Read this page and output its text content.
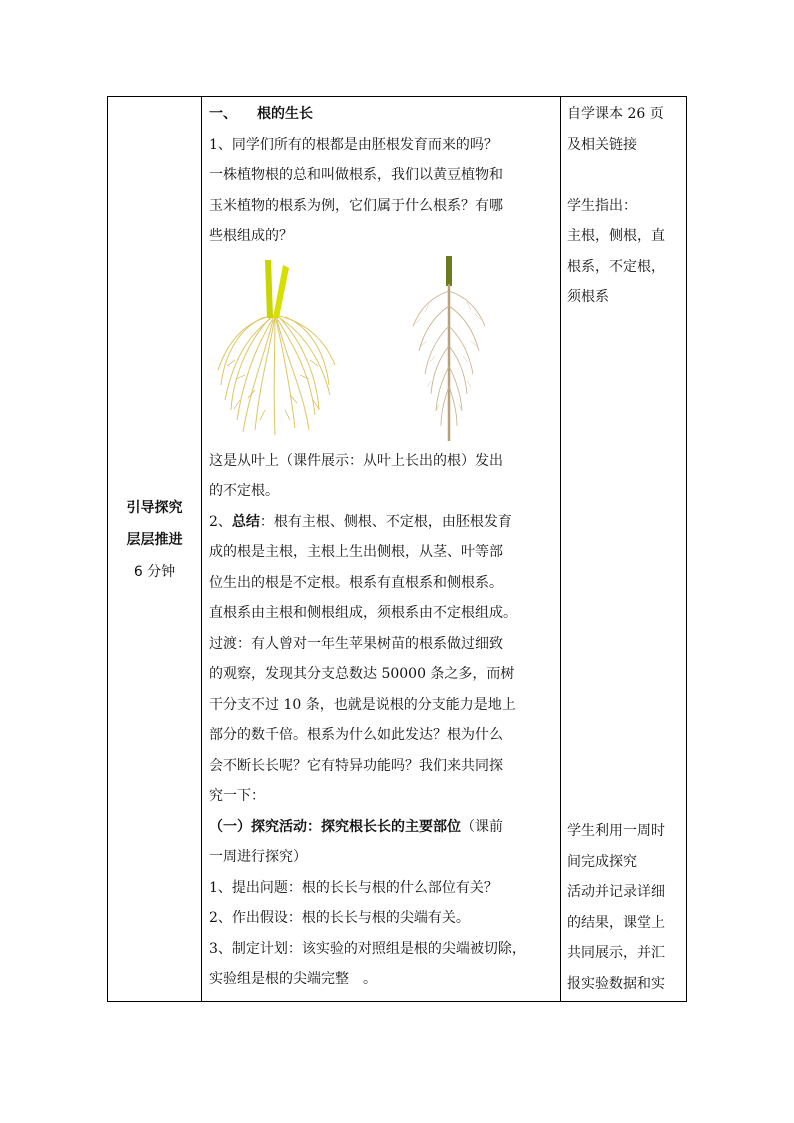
引导探究
层层推进
6 分钟

一、 根的生长

1、同学们所有的根都是由胚根发育而来的吗？

一株植物根的总和叫做根系，我们以黄豆植物和

玉米植物的根系为例，它们属于什么根系？有哪

些根组成的？

这是从叶上（课件展示：从叶上长出的根）发出

的不定根。

2、总结：根有主根、侧根、不定根，由胚根发育

成的根是主根，主根上生出侧根，从茎、叶等部

位生出的根是不定根。根系有直根系和侧根系。

直根系由主根和侧根组成，须根系由不定根组成。

过渡：有人曾对一年生苹果树苗的根系做过细致

的观察，发现其分支总数达 50000 条之多，而树

干分支不过 10 条，也就是说根的分支能力是地上

部分的数千倍。根系为什么如此发达？根为什么

会不断长长呢？它有特异功能吗？我们来共同探

究一下：

（一）探究活动：探究根长长的主要部位（课前

一周进行探究）

1、提出问题：根的长长与根的什么部位有关？

2、作出假设：根的长长与根的尖端有关。

3、制定计划：该实验的对照组是根的尖端被切除，

实验组是根的尖端完整　。

自学课本 26 页

及相关链接

学生指出：

主根，侧根，直

根系，不定根，

须根系

学生利用一周时

间完成探究

活动并记录详细

的结果，课堂上

共同展示，并汇

报实验数据和实
